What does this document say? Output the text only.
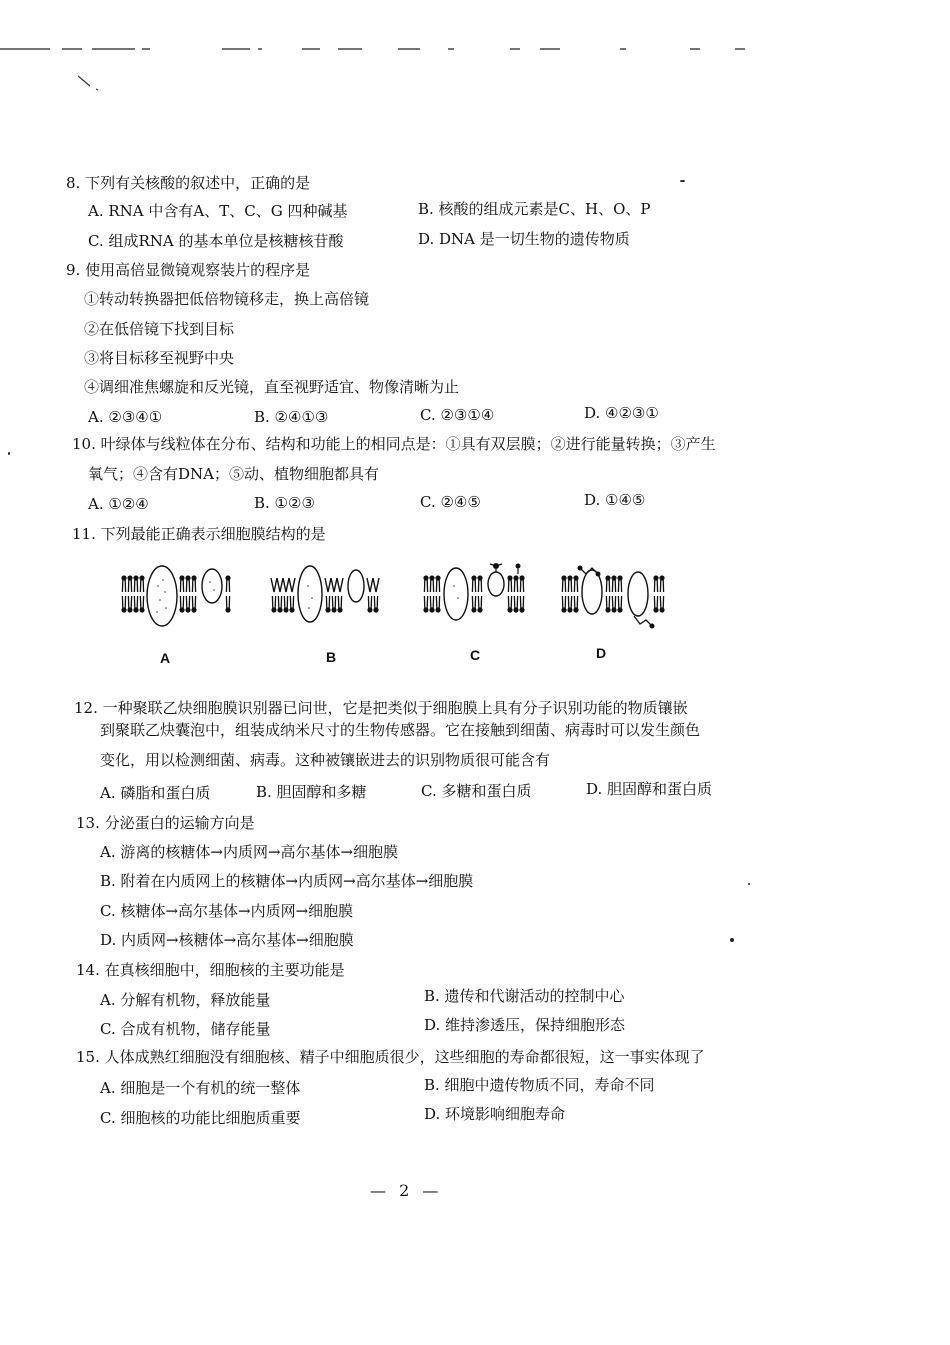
8. 下列有关核酸的叙述中，正确的是
A. RNA 中含有A、T、C、G 四种碱基	B. 核酸的组成元素是C、H、O、P
C. 组成RNA 的基本单位是核糖核苷酸	D. DNA 是一切生物的遗传物质
9. 使用高倍显微镜观察装片的程序是
①转动转换器把低倍物镜移走，换上高倍镜
②在低倍镜下找到目标
③将目标移至视野中央
④调细准焦螺旋和反光镜，直至视野适宜、物像清晰为止
A. ②③④①	B. ②④①③	C. ②③①④	D. ④②③①
10. 叶绿体与线粒体在分布、结构和功能上的相同点是：①具有双层膜；②进行能量转换；③产生
氧气；④含有DNA；⑤动、植物细胞都具有
A. ①②④	B. ①②③	C. ②④⑤	D. ①④⑤
11. 下列最能正确表示细胞膜结构的是
A	B	C	D
12. 一种聚联乙炔细胞膜识别器已问世，它是把类似于细胞膜上具有分子识别功能的物质镶嵌
到聚联乙炔囊泡中，组装成纳米尺寸的生物传感器。它在接触到细菌、病毒时可以发生颜色
变化，用以检测细菌、病毒。这种被镶嵌进去的识别物质很可能含有
A. 磷脂和蛋白质	B. 胆固醇和多糖	C. 多糖和蛋白质	D. 胆固醇和蛋白质
13. 分泌蛋白的运输方向是
A. 游离的核糖体→内质网→高尔基体→细胞膜
B. 附着在内质网上的核糖体→内质网→高尔基体→细胞膜
C. 核糖体→高尔基体→内质网→细胞膜
D. 内质网→核糖体→高尔基体→细胞膜
14. 在真核细胞中，细胞核的主要功能是
A. 分解有机物，释放能量	B. 遗传和代谢活动的控制中心
C. 合成有机物，储存能量	D. 维持渗透压，保持细胞形态
15. 人体成熟红细胞没有细胞核、精子中细胞质很少，这些细胞的寿命都很短，这一事实体现了
A. 细胞是一个有机的统一整体	B. 细胞中遗传物质不同，寿命不同
C. 细胞核的功能比细胞质重要	D. 环境影响细胞寿命
— 2 —
